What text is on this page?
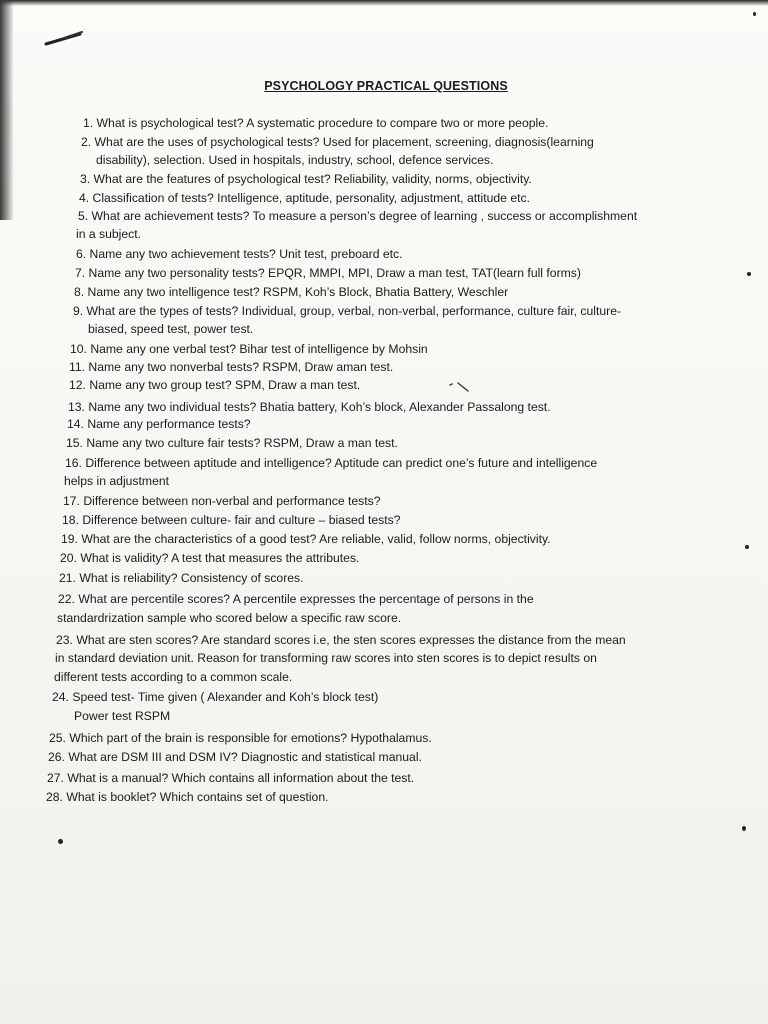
PSYCHOLOGY PRACTICAL QUESTIONS
1. What is psychological test? A systematic procedure to compare two or more people.
2. What are the uses of psychological tests? Used for placement, screening, diagnosis(learning
disability), selection. Used in hospitals, industry, school, defence services.
3. What are the features of psychological test? Reliability, validity, norms, objectivity.
4. Classification of tests? Intelligence, aptitude, personality, adjustment, attitude etc.
5. What are achievement tests? To measure a person’s degree of learning , success or accomplishment
in a subject.
6. Name any two achievement tests? Unit test, preboard etc.
7. Name any two personality tests? EPQR, MMPI, MPI, Draw a man test, TAT(learn full forms)
8. Name any two intelligence test? RSPM, Koh’s Block, Bhatia Battery, Weschler
9. What are the types of tests? Individual, group, verbal, non-verbal, performance, culture fair, culture-
biased, speed test, power test.
10. Name any one verbal test? Bihar test of intelligence by Mohsin
11. Name any two nonverbal tests? RSPM, Draw aman test.
12. Name any two group test? SPM, Draw a man test.
13. Name any two individual tests? Bhatia battery, Koh’s block, Alexander Passalong test.
14. Name any performance tests?
15. Name any two culture fair tests? RSPM, Draw a man test.
16. Difference between aptitude and intelligence? Aptitude can predict one’s future and intelligence
helps in adjustment
17. Difference between non-verbal and performance tests?
18. Difference between culture- fair and culture – biased tests?
19. What are the characteristics of a good test? Are reliable, valid, follow norms, objectivity.
20. What is validity? A test that measures the attributes.
21. What is reliability? Consistency of scores.
22. What are percentile scores? A percentile expresses the percentage of persons in the
standardrization sample who scored below a specific raw score.
23. What are sten scores? Are standard scores i.e, the sten scores expresses the distance from the mean
in standard deviation unit. Reason for transforming raw scores into sten scores is to depict results on
different tests according to a common scale.
24. Speed test- Time given ( Alexander and Koh’s block test)
Power test RSPM
25. Which part of the brain is responsible for emotions? Hypothalamus.
26. What are DSM III and DSM IV? Diagnostic and statistical manual.
27. What is a manual? Which contains all information about the test.
28. What is booklet? Which contains set of question.
